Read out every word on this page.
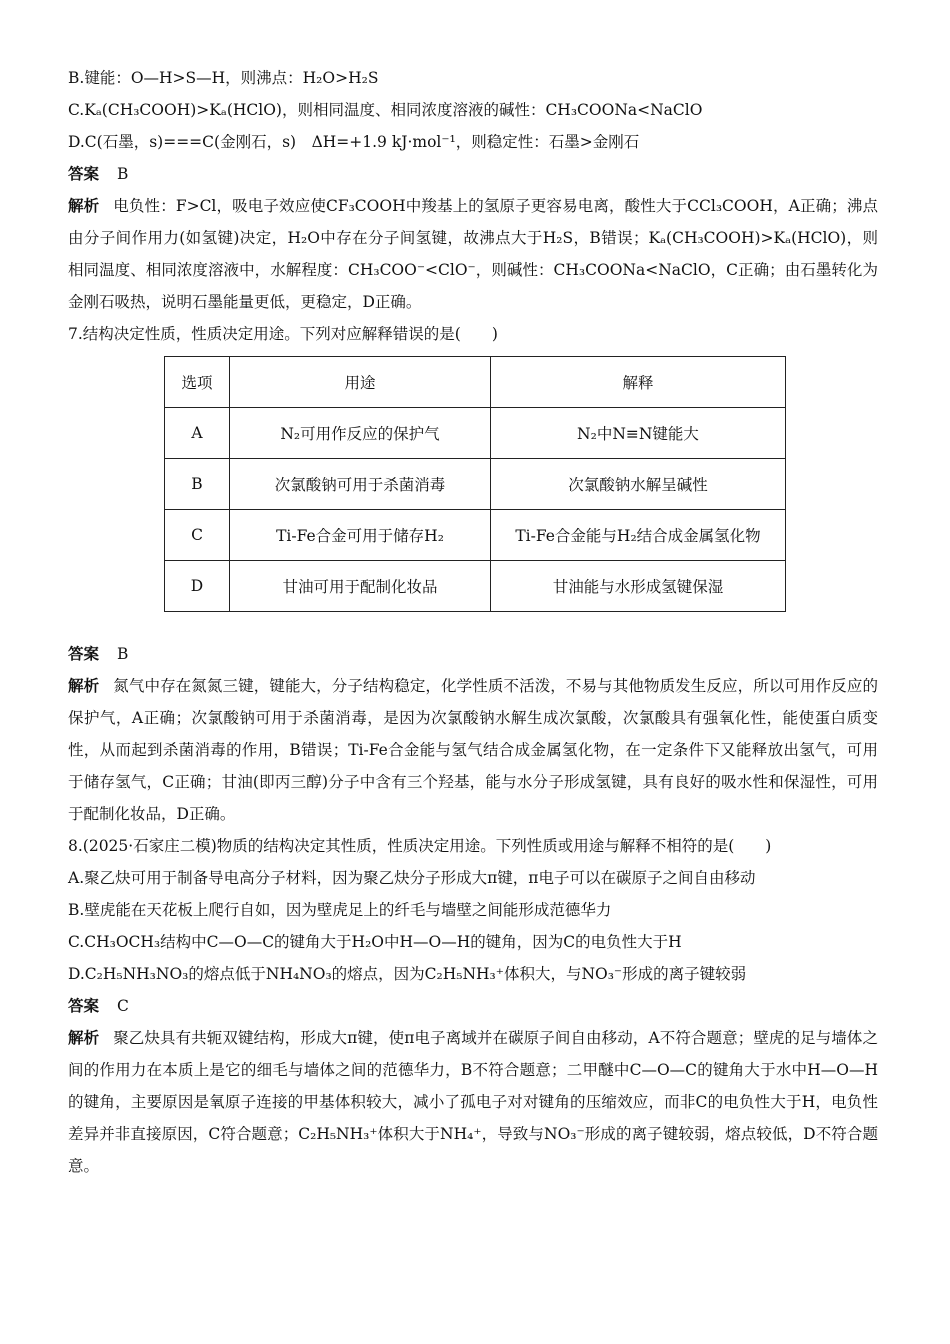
B.键能：O—H>S—H，则沸点：H₂O>H₂S
C.Kₐ(CH₃COOH)>Kₐ(HClO)，则相同温度、相同浓度溶液的碱性：CH₃COONa<NaClO
D.C(石墨，s)===C(金刚石，s)　ΔH=+1.9 kJ·mol⁻¹，则稳定性：石墨>金刚石
答案 B
解析 电负性：F>Cl，吸电子效应使CF₃COOH中羧基上的氢原子更容易电离，酸性大于CCl₃COOH，A正确；沸点由分子间作用力(如氢键)决定，H₂O中存在分子间氢键，故沸点大于H₂S，B错误；Kₐ(CH₃COOH)>Kₐ(HClO)，则相同温度、相同浓度溶液中，水解程度：CH₃COO⁻<ClO⁻，则碱性：CH₃COONa<NaClO，C正确；由石墨转化为金刚石吸热，说明石墨能量更低，更稳定，D正确。
7.结构决定性质，性质决定用途。下列对应解释错误的是(　　)
选项	用途	解释
A	N₂可用作反应的保护气	N₂中N≡N键能大
B	次氯酸钠可用于杀菌消毒	次氯酸钠水解呈碱性
C	Ti-Fe合金可用于储存H₂	Ti-Fe合金能与H₂结合成金属氢化物
D	甘油可用于配制化妆品	甘油能与水形成氢键保湿
答案 B
解析 氮气中存在氮氮三键，键能大，分子结构稳定，化学性质不活泼，不易与其他物质发生反应，所以可用作反应的保护气，A正确；次氯酸钠可用于杀菌消毒，是因为次氯酸钠水解生成次氯酸，次氯酸具有强氧化性，能使蛋白质变性，从而起到杀菌消毒的作用，B错误；Ti-Fe合金能与氢气结合成金属氢化物，在一定条件下又能释放出氢气，可用于储存氢气，C正确；甘油(即丙三醇)分子中含有三个羟基，能与水分子形成氢键，具有良好的吸水性和保湿性，可用于配制化妆品，D正确。
8.(2025·石家庄二模)物质的结构决定其性质，性质决定用途。下列性质或用途与解释不相符的是(　　)
A.聚乙炔可用于制备导电高分子材料，因为聚乙炔分子形成大π键，π电子可以在碳原子之间自由移动
B.壁虎能在天花板上爬行自如，因为壁虎足上的纤毛与墙壁之间能形成范德华力
C.CH₃OCH₃结构中C—O—C的键角大于H₂O中H—O—H的键角，因为C的电负性大于H
D.C₂H₅NH₃NO₃的熔点低于NH₄NO₃的熔点，因为C₂H₅NH₃⁺体积大，与NO₃⁻形成的离子键较弱
答案 C
解析 聚乙炔具有共轭双键结构，形成大π键，使π电子离域并在碳原子间自由移动，A不符合题意；壁虎的足与墙体之间的作用力在本质上是它的细毛与墙体之间的范德华力，B不符合题意；二甲醚中C—O—C的键角大于水中H—O—H的键角，主要原因是氧原子连接的甲基体积较大，减小了孤电子对对键角的压缩效应，而非C的电负性大于H，电负性差异并非直接原因，C符合题意；C₂H₅NH₃⁺体积大于NH₄⁺，导致与NO₃⁻形成的离子键较弱，熔点较低，D不符合题意。
